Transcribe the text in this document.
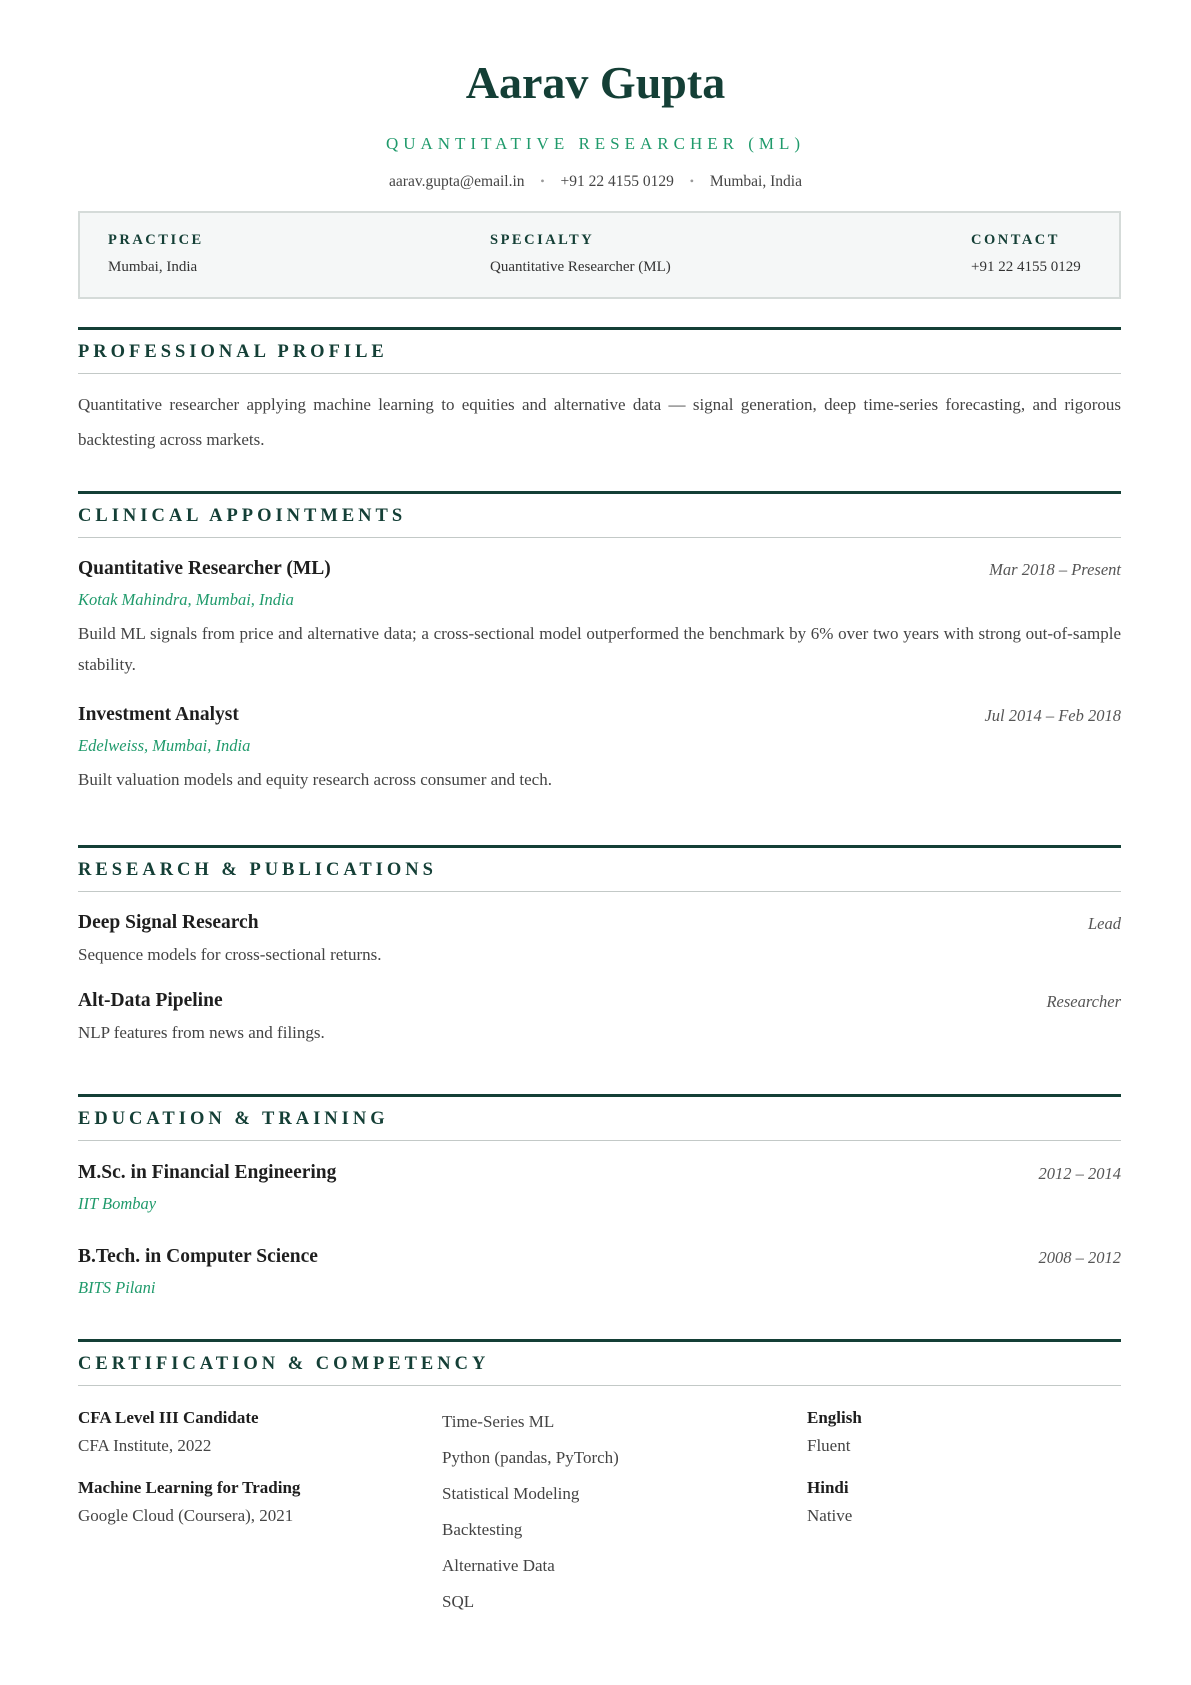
Aarav Gupta
QUANTITATIVE RESEARCHER (ML)
aarav.gupta@email.in • +91 22 4155 0129 • Mumbai, India
PRACTICE
Mumbai, India
SPECIALTY
Quantitative Researcher (ML)
CONTACT
+91 22 4155 0129
PROFESSIONAL PROFILE
Quantitative researcher applying machine learning to equities and alternative data — signal generation, deep time-series forecasting, and rigorous backtesting across markets.
CLINICAL APPOINTMENTS
Quantitative Researcher (ML)	Mar 2018 – Present
Kotak Mahindra, Mumbai, India
Build ML signals from price and alternative data; a cross-sectional model outperformed the benchmark by 6% over two years with strong out-of-sample stability.
Investment Analyst	Jul 2014 – Feb 2018
Edelweiss, Mumbai, India
Built valuation models and equity research across consumer and tech.
RESEARCH & PUBLICATIONS
Deep Signal Research	Lead
Sequence models for cross-sectional returns.
Alt-Data Pipeline	Researcher
NLP features from news and filings.
EDUCATION & TRAINING
M.Sc. in Financial Engineering	2012 – 2014
IIT Bombay
B.Tech. in Computer Science	2008 – 2012
BITS Pilani
CERTIFICATION & COMPETENCY
CFA Level III Candidate
CFA Institute, 2022
Machine Learning for Trading
Google Cloud (Coursera), 2021
Time-Series ML
Python (pandas, PyTorch)
Statistical Modeling
Backtesting
Alternative Data
SQL
English
Fluent
Hindi
Native
